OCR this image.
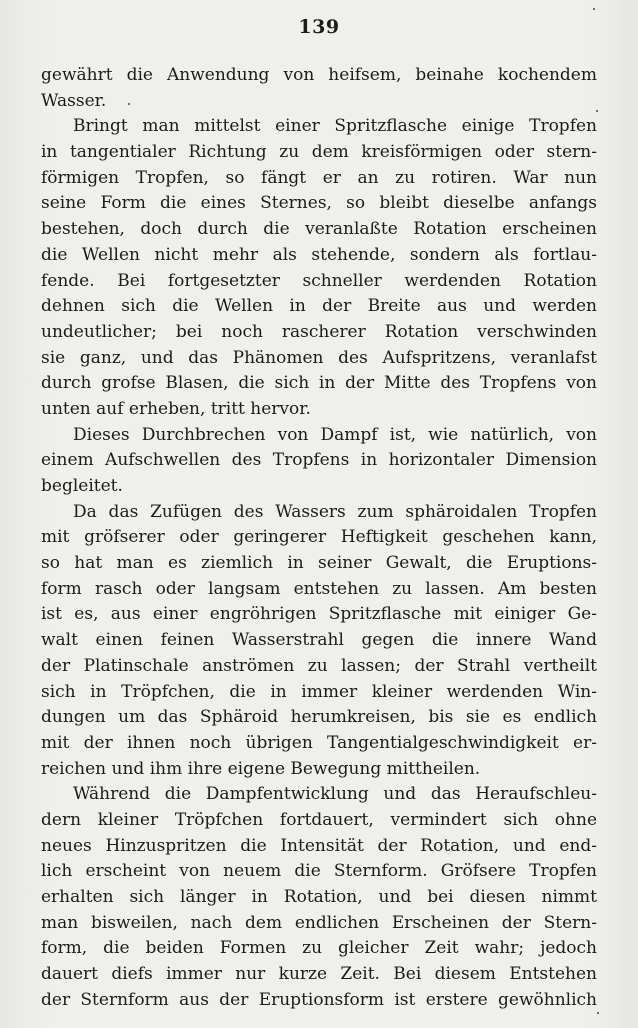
139
gewährt die Anwendung von heifsem, beinahe kochendem
Wasser.
Bringt man mittelst einer Spritzflasche einige Tropfen
in tangentialer Richtung zu dem kreisförmigen oder stern-
förmigen Tropfen, so fängt er an zu rotiren. War nun
seine Form die eines Sternes, so bleibt dieselbe anfangs
bestehen, doch durch die veranlaßte Rotation erscheinen
die Wellen nicht mehr als stehende, sondern als fortlau-
fende. Bei fortgesetzter schneller werdenden Rotation
dehnen sich die Wellen in der Breite aus und werden
undeutlicher; bei noch rascherer Rotation verschwinden
sie ganz, und das Phänomen des Aufspritzens, veranlafst
durch grofse Blasen, die sich in der Mitte des Tropfens von
unten auf erheben, tritt hervor.
Dieses Durchbrechen von Dampf ist, wie natürlich, von
einem Aufschwellen des Tropfens in horizontaler Dimension
begleitet.
Da das Zufügen des Wassers zum sphäroidalen Tropfen
mit gröfserer oder geringerer Heftigkeit geschehen kann,
so hat man es ziemlich in seiner Gewalt, die Eruptions-
form rasch oder langsam entstehen zu lassen. Am besten
ist es, aus einer engröhrigen Spritzflasche mit einiger Ge-
walt einen feinen Wasserstrahl gegen die innere Wand
der Platinschale anströmen zu lassen; der Strahl vertheilt
sich in Tröpfchen, die in immer kleiner werdenden Win-
dungen um das Sphäroid herumkreisen, bis sie es endlich
mit der ihnen noch übrigen Tangentialgeschwindigkeit er-
reichen und ihm ihre eigene Bewegung mittheilen.
Während die Dampfentwicklung und das Heraufschleu-
dern kleiner Tröpfchen fortdauert, vermindert sich ohne
neues Hinzuspritzen die Intensität der Rotation, und end-
lich erscheint von neuem die Sternform. Gröfsere Tropfen
erhalten sich länger in Rotation, und bei diesen nimmt
man bisweilen, nach dem endlichen Erscheinen der Stern-
form, die beiden Formen zu gleicher Zeit wahr; jedoch
dauert diefs immer nur kurze Zeit. Bei diesem Entstehen
der Sternform aus der Eruptionsform ist erstere gewöhnlich
